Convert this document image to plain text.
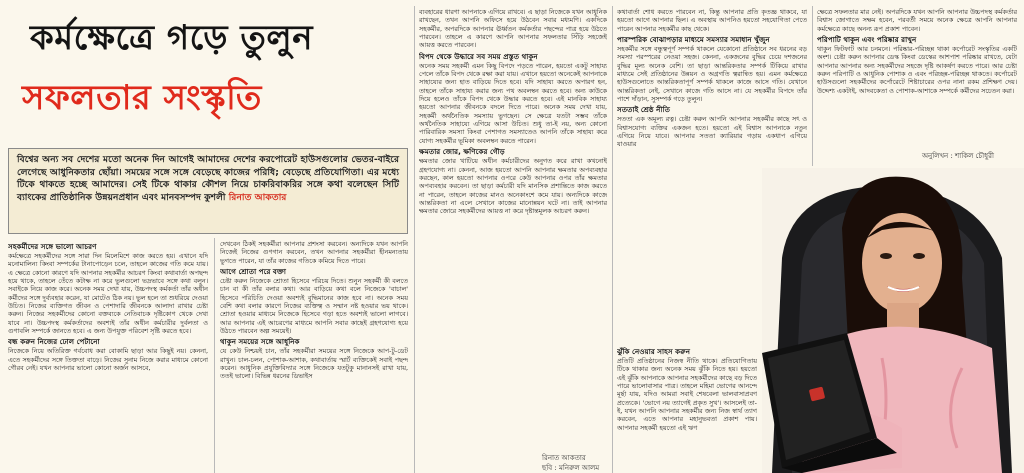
কর্মক্ষেত্রে গড়ে তুলুন
সফলতার সংস্কৃতি
বিশ্বের অন্য সব দেশের মতো অনেক দিন আগেই আমাদের দেশের করপোরেট হাউসগুলোর ভেতর-বাইরে লেগেছে আধুনিকতার ছোঁয়া। সময়ের সঙ্গে সঙ্গে বেড়েছে কাজের পরিধি; বেড়েছে প্রতিযোগিতা। এর মধ্যে টিকে থাকতে হচ্ছে আমাদের। সেই টিকে থাকার কৌশল নিয়ে চাকরিবাকরির সঙ্গে কথা বলেছেন সিটি ব্যাংকের প্রাতিষ্ঠানিক উন্নয়নপ্রধান এবং মানবসম্পদ কুশলী রিনাত আকতার
সহকর্মীদের সঙ্গে ভালো আচরণ

কর্মক্ষেত্রে সহকর্মীদের সঙ্গে সারা দিন মিলেমিশে কাজ করতে হয়। এখানে যদি মনোমালিন্য কিংবা সম্পর্কের টানাপোড়েন চলে, তাহলে কাজের গতি কমে যায়। এ ক্ষেত্রে কোনো কারণে যদি আপনার সহকর্মীর আচরণ কিংবা কথাবার্তা অপছন্দ হয়ে থাকে, তাহলে তেঁতে কটাক্ষ না করে ভুলগুলো ভদ্রভাবে সঙ্গে কথা বলুন। সবাইকে নিয়ে কাজ করে। অনেক সময় দেখা যায়, উচ্চপদস্থ কর্মকর্তা তাঁর অধীন কর্মীদের সঙ্গে দুর্ব্যবহার করেন, যা মোটেও ঠিক নয়। ভুল হলে তা শুধরিয়ে দেওয়া উচিত। নিজের ব্যক্তিগত জীবন ও পেশাদারি জীবনকে আলাদা রাখার চেষ্টা করুন। নিজের সহকর্মীদের কোনো বক্তব্যকে নেতিবাচক দৃষ্টিকোণ থেকে দেখা যাবে না। উচ্চপদস্থ কর্মকর্তাদের অবশ্যই তাঁর অধীন কর্মচারীর দুর্বলতা ও গুণাবলি সম্পর্কে জানতে হবে। এ জন্য উপযুক্ত পরিবেশ সৃষ্টি করতে হবে।

বন্ধ করুন নিজের ঢোল পেটানো

নিজেকে নিয়ে অতিরিক্ত গর্ববোধ করা বোকামি ছাড়া আর কিছুই নয়। কেননা, এতে সহকর্মীদের সঙ্গে তিক্ততা বাড়ে। নিজের সুনাম নিজে করার মাধ্যমে কোনো গৌরব নেই। যখন আপনার ভালো কোনো অর্জন আসবে,

দেখবেন ঠিকই সহকর্মীরা আপনার প্রশংসা করবেন। অন্যদিকে যখন আপনি নিজেই নিজের গুণগান করবেন, তখন আপনার সহকর্মীরা হীনমন্যতায় ভুগতে পারেন, যা তাঁর কাজের গতিকে কমিয়ে দিতে পারে।

আগে শ্রোতা পরে বক্তা

চেষ্টা করুন নিজেকে শ্রোতা হিসেবে পরিচয় দিতে। শুনুন সহকর্মী কী বলতে চান বা কী তাঁর বলার কথা। আর বাড়িয়ে কথা বলে নিজেকে 'বাচাল' হিসেবে পরিচিতি দেওয়া অবশ্যই বুদ্ধিমানের কাজ হবে না। অনেক সময় বেশি কথা বলার কারণে নিজের ব্যক্তিত্ব ও সম্মান নষ্ট হওয়ার ভয় থাকে। শ্রোতা হওয়ার মাধ্যমে নিজেকে হিসেবে গড়া হতে অবশ্যই ভালো লাগবে। আর আপনার এই আচরণের মাধ্যমে আপনি সবার কাছেই গ্রহণযোগ্য হয়ে উঠতে পারবেন অল্প সময়েই।

থাকুন সময়ের সঙ্গে আধুনিক

যে কেউ নিশ্চয়ই চান, তাঁর সহকর্মীরা সময়ের সঙ্গে নিজেকে আপ-টু-ডেট রাখুন। চাল-চলন, পোশাক-আশাক, কথাবার্তায় স্মার্ট ব্যক্তিকেই সবাই পছন্দ করেন। আধুনিক প্রযুক্তিবিদ্যার সঙ্গে নিজেকে যতটুকু মানানসই রাখা যায়, ততই ভালো। বিভিন্ন ধরনের ডিভাইস

ব্যবহারের ধারণা আপনাকে এগিয়ে রাখবে। এ ছাড়া নিজেকে যখন আধুনিক রাখছেন, তখন আপনি অফিসে হয়ে উঠবেন সবার মধ্যমণি। একদিকে সহকর্মীর, অপরদিকে আপনার ঊর্ধ্বতন কর্মকর্তার পছন্দের পাত্র হয়ে উঠতে পারবেন। তাহলে এ কারণে আপনি আপনার সফলতার সিঁড়ি সহজেই আয়ত্ত করতে পারবেন।

বিপদ থেকে উদ্ধারে সব সময় প্রস্তুত থাকুন

অনেক সময় সহকর্মী এমন কিছু বিপদে পড়তে পারেন, হয়তো একটু সাহায্য পেলে তাঁকে বিপদ থেকে রক্ষা করা যায়। এখানে হয়তো অনেকেই আপনাকে সাহায্যের জন্য হাত বাড়িয়ে দিতে হবে। যদি সাহায্য করতে অপারগ হন, তাহলে তাঁকে সাহায্য করার জন্য পথ অবলম্বন করতে হবে। অন্য কাউকে দিয়ে হলেও তাঁকে বিপদ থেকে উদ্ধার করতে হবে। এই মানবিক সাহায্য হয়তো আপনার জীবনকে বদলে দিতে পারে। অনেক সময় দেখা যায়, সহকর্মী অর্থনৈতিক সমস্যায় ভুগছেন। সে ক্ষেত্রে যতটা সম্ভব তাঁকে অর্থনৈতিক সাহায্যে এগিয়ে আসা উচিত। শুধু তা-ই নয়, অন্য কোনো পারিবারিক সমস্যা কিংবা পেশাগত সমস্যাতেও আপনি তাঁকে সাহায্য করে যোগ্য সহকর্মীর ভূমিকা অবলম্বন করতে পারেন।

ক্ষমতার জোর, ক্ষণিকের গৌড়

ক্ষমতার জোর খাটিয়ে অধীন কর্মচারীদের অনুগত করে রাখা কখনোই গ্রহণযোগ্য না। কেননা, আজ হয়তো আপনি আপনার ক্ষমতার অপব্যবহার করছেন, কাল হয়তো আপনার ওপরে কেউ আপনার ওপর তাঁর ক্ষমতার অপব্যবহার করবেন। তা ছাড়া কর্মচারী যদি মানসিক প্রশান্তিতে কাজ করতে না পারেন, তাহলে কাজের মানও অনেকাংশে কমে যায়। অন্যদিকে কাজে আন্তরিকতা না এলে সেখানে কাজের মানোন্নয়ন ঘটে না। তাই আপনার ক্ষমতার জোরে সহকর্মীদের আয়ত্ত না করে দৃষ্টান্তমূলক আচরণ করুন।

কথাবার্তা শোধ করতে পারবেন না, কিন্তু আপনার প্রতি কৃতজ্ঞ থাকবে, যা হয়তো আগে আপনার ছিল। এ অবস্থায় আপনিও হয়তো সহযোগিতা পেতে পারেন আপনার সহকর্মীর কাছ থেকে।

পারস্পরিক বোঝাপড়ার মাধ্যমে সমস্যার সমাধান খুঁজুন

সহকর্মীর সঙ্গে বন্ধুত্বপূর্ণ সম্পর্ক থাকলে যেকোনো প্রতিষ্ঠানে সব ধরনের বড় সমস্যা পরস্পরের নেওয়া সহজ। কেননা, একজনের বুদ্ধির চেয়ে দশজনের বুদ্ধির মূল্য অনেক বেশি। তা ছাড়া আন্তরিকতার সম্পর্ক টিকিয়ে রাখার মাধ্যমে সেই প্রতিষ্ঠানের উন্নয়ন ও অগ্রগতি ত্বরান্বিত হয়। এমন কর্মক্ষেত্রে হাউসগুলোতে আন্তরিকতাপূর্ণ সম্পর্ক থাকলে কাজে আসে গতি। যেখানে আন্তরিকতা নেই, সেখানে কাজে গতি আসে না। যে সহকর্মীর বিপদে তাঁর পাশে দাঁড়ান, সুসম্পর্ক গড়ে তুলুন।

সততাই শ্রেষ্ঠ নীতি

সততা এক অমূল্য রত্ন। চেষ্টা করুন আপনি আপনার সহকর্মীর কাছে সৎ ও বিশ্বাসযোগ্য ব্যক্তির একজন হতে। হয়তো এই বিশ্বাস আপনাকে নতুন এগিয়ে নিয়ে যাবে। আপনার সততা ক্যারিয়ার গড়ায় একধাপ এগিয়ে যাওয়ার

ক্ষেত্রে সফলতার মার নেই। অপরদিকে যখন আপনি আপনার উচ্চপদস্থ কর্মকর্তার বিশ্বাস জোগাতে সক্ষম হবেন, পরবর্তী সময়ে অনেক ক্ষেত্রে আপনি আপনার কর্মক্ষেত্রে কাছে অনন্য রূপ প্রকাশ পাবেন।

পরিপাটি থাকুন এবং পরিষ্কার রাখুন

থাকুন ফিটফাট আর চনমনে। পরিষ্কার-পরিচ্ছন্ন থাকা কর্পোরেট সংস্কৃতির একটি অংশ। চেষ্টা করুন আপনার ডেস্ক কিংবা ডেস্কের আশপাশ পরিষ্কার রাখতে, যেটা আপনার আপনার অন্য সহকর্মীদের সহজে দৃষ্টি আকর্ষণ করতে পারে। আর চেষ্টা করুন পরিপাটি ও আধুনিক পোশাক ও এবং পরিচ্ছন্ন-পরিচ্ছন্ন থাকতে। কর্পোরেট হাউসগুলো সহকর্মীদের কর্পোরেটে শিষ্টাচারের ওপর নানা রকম প্রশিক্ষণ দেয়। উদ্দেশ্য একটাই, আদবকেতা ও পোশাক-আশাকে সম্পর্কে কর্মীদের সচেতন করা।

ঝুঁকি নেওয়ার সাহস করুন

প্রতিটি প্রতিষ্ঠানের নিজস্ব নীতি থাকে। প্রতিযোগিতায় টিকে থাকার জন্য অনেক সময় ঝুঁকি নিতে হয়। হয়তো এই ঝুঁকি আপনাকে আপনার সহকর্মীদের কাছে বড় দিতে পারে ভালোবাসার পাত্র। তাহলে মহিমা ভোগের আনন্দে মূর্ছা যায়, যদিও আমরা সবাই শেষবেলা ভালবাসাপ্রবণ প্রত্যেকে। 'ভোগে নয় ত্যাগেই প্রকৃত সুখ'। আসলেই তা-ই, যখন আপনি আপনার সহকর্মীর জন্য নিজ স্বার্থ ত্যাগ করবেন, এতে আপনার মহানুভবতা প্রকাশ পায়। আপনার সহকর্মী হয়তো এই ঋণ

অনুলিখন : শাকিল চৌধুরী
রিনাত আকতার
ছবি : মনিরুল আলম
